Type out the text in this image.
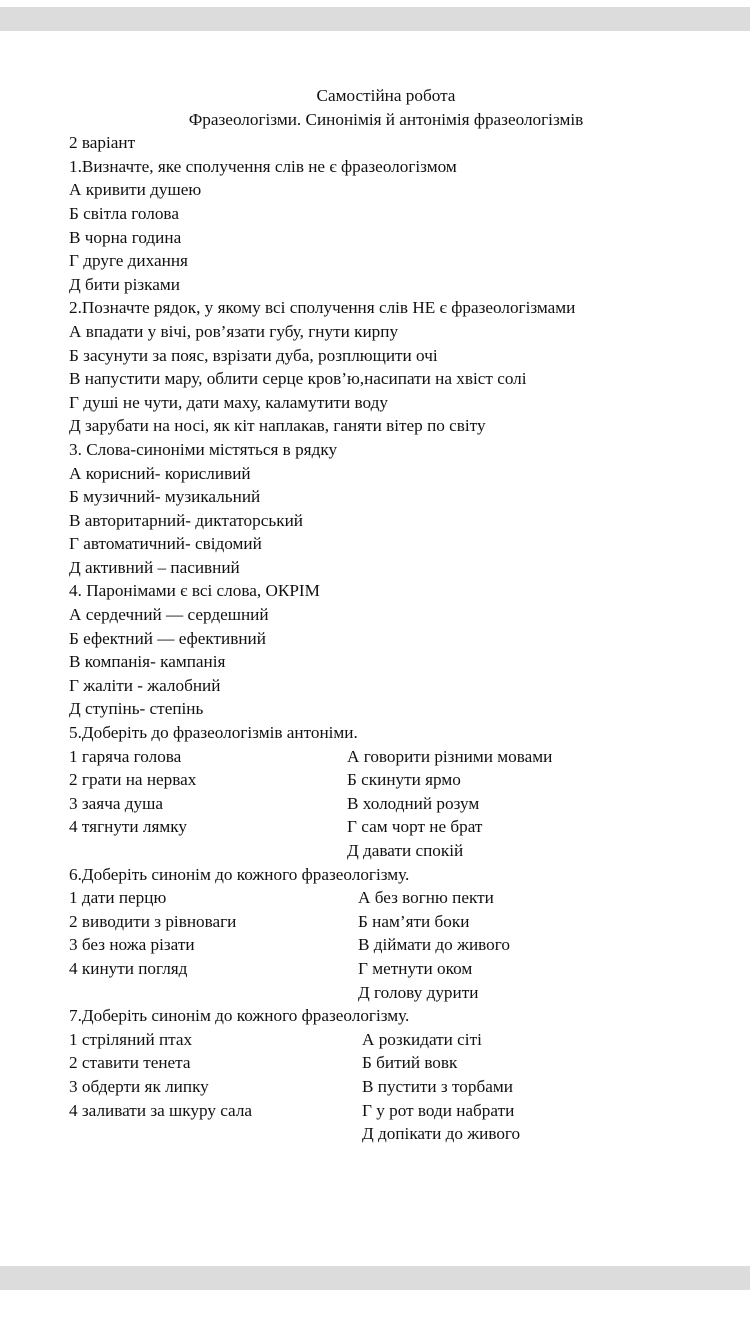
Самостійна робота
Фразеологізми. Синонімія й антонімія фразеологізмів
2 варіант
1.Визначте, яке сполучення слів не є фразеологізмом
А кривити душею
Б світла голова
В чорна година
Г друге дихання
Д бити різками
2.Позначте рядок, у якому всі сполучення слів НЕ є фразеологізмами
А впадати у вічі, ров’язати губу, гнути кирпу
Б засунути за пояс, взрізати дуба, розплющити очі
В напустити мару, облити серце кров’ю,насипати на хвіст солі
Г душі не чути, дати маху, каламутити воду
Д зарубати на носі, як кіт наплакав, ганяти вітер по світу
3. Слова-синоніми містяться в рядку
А корисний- корисливий
Б музичний- музикальний
В авторитарний- диктаторський
Г автоматичний- свідомий
Д активний – пасивний
4. Паронімами є всі слова, ОКРІМ
А сердечний — сердешний
Б ефектний — ефективний
В компанія- кампанія
Г жаліти - жалобний
Д ступінь- степінь
5.Доберіть до фразеологізмів антоніми.
1 гаряча голова	А говорити різними мовами
2 грати на нервах	Б скинути ярмо
3 заяча душа	В холодний розум
4 тягнути лямку	Г сам чорт не брат
Д давати спокій
6.Доберіть синонім до кожного фразеологізму.
1 дати перцю	А без вогню пекти
2 виводити з рівноваги	Б нам’яти боки
3 без ножа різати	В діймати до живого
4 кинути погляд	Г метнути оком
Д голову дурити
7.Доберіть синонім до кожного фразеологізму.
1 стріляний птах	А розкидати сіті
2 ставити тенета	Б битий вовк
3 обдерти як липку	В пустити з торбами
4 заливати за шкуру сала	Г у рот води набрати
Д допікати до живого
